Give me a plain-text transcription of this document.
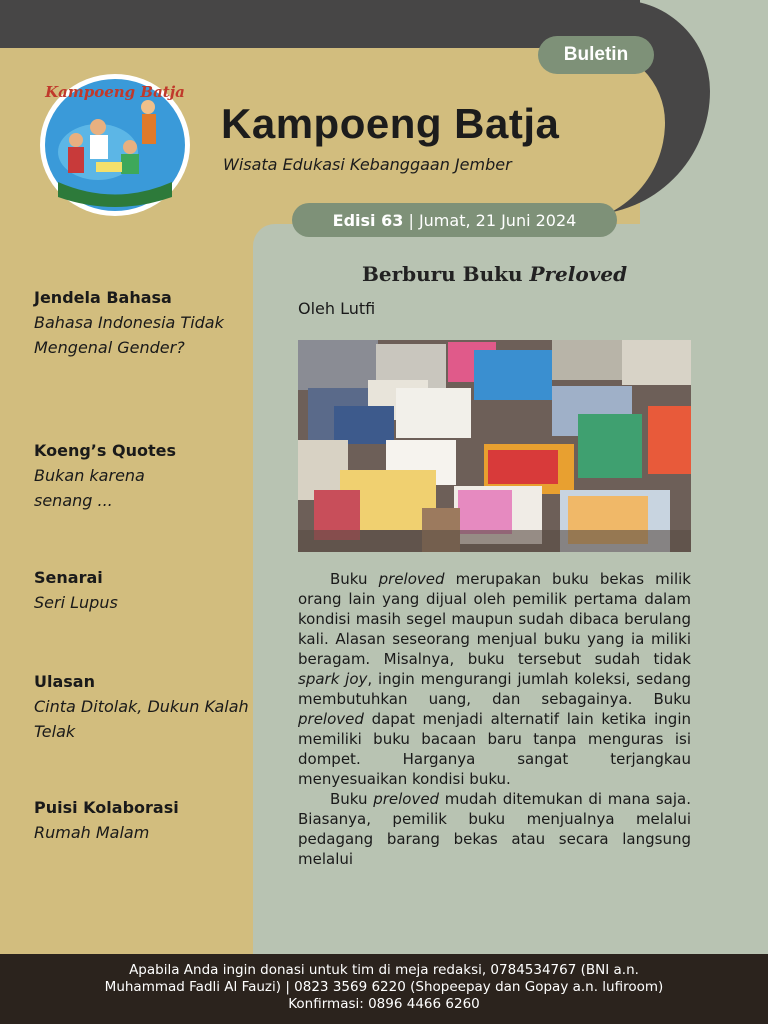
Buletin
Kampoeng Batja
Kampoeng Batja
Wisata Edukasi Kebanggaan Jember
Edisi 63 | Jumat, 21 Juni 2024
Jendela Bahasa
Bahasa Indonesia Tidak Mengenal Gender?
Koeng’s Quotes
Bukan karena senang ...
Senarai
Seri Lupus
Ulasan
Cinta Ditolak, Dukun Kalah Telak
Puisi Kolaborasi
Rumah Malam
Berburu Buku Preloved
Oleh Lutfi

Buku preloved merupakan buku bekas milik orang lain yang dijual oleh pemilik pertama dalam kondisi masih segel maupun sudah dibaca berulang kali. Alasan seseorang menjual buku yang ia miliki beragam. Misalnya, buku tersebut sudah tidak spark joy, ingin mengurangi jumlah koleksi, sedang membutuhkan uang, dan sebagainya. Buku preloved dapat menjadi alternatif lain ketika ingin memiliki buku bacaan baru tanpa menguras isi dompet. Harganya sangat terjangkau menyesuaikan kondisi buku.

Buku preloved mudah ditemukan di mana saja. Biasanya, pemilik buku menjualnya melalui pedagang barang bekas atau secara langsung melalui

Apabila Anda ingin donasi untuk tim di meja redaksi, 0784534767 (BNI a.n.
Muhammad Fadli Al Fauzi) | 0823 3569 6220 (Shopeepay dan Gopay a.n. lufiroom)
Konfirmasi: 0896 4466 6260
